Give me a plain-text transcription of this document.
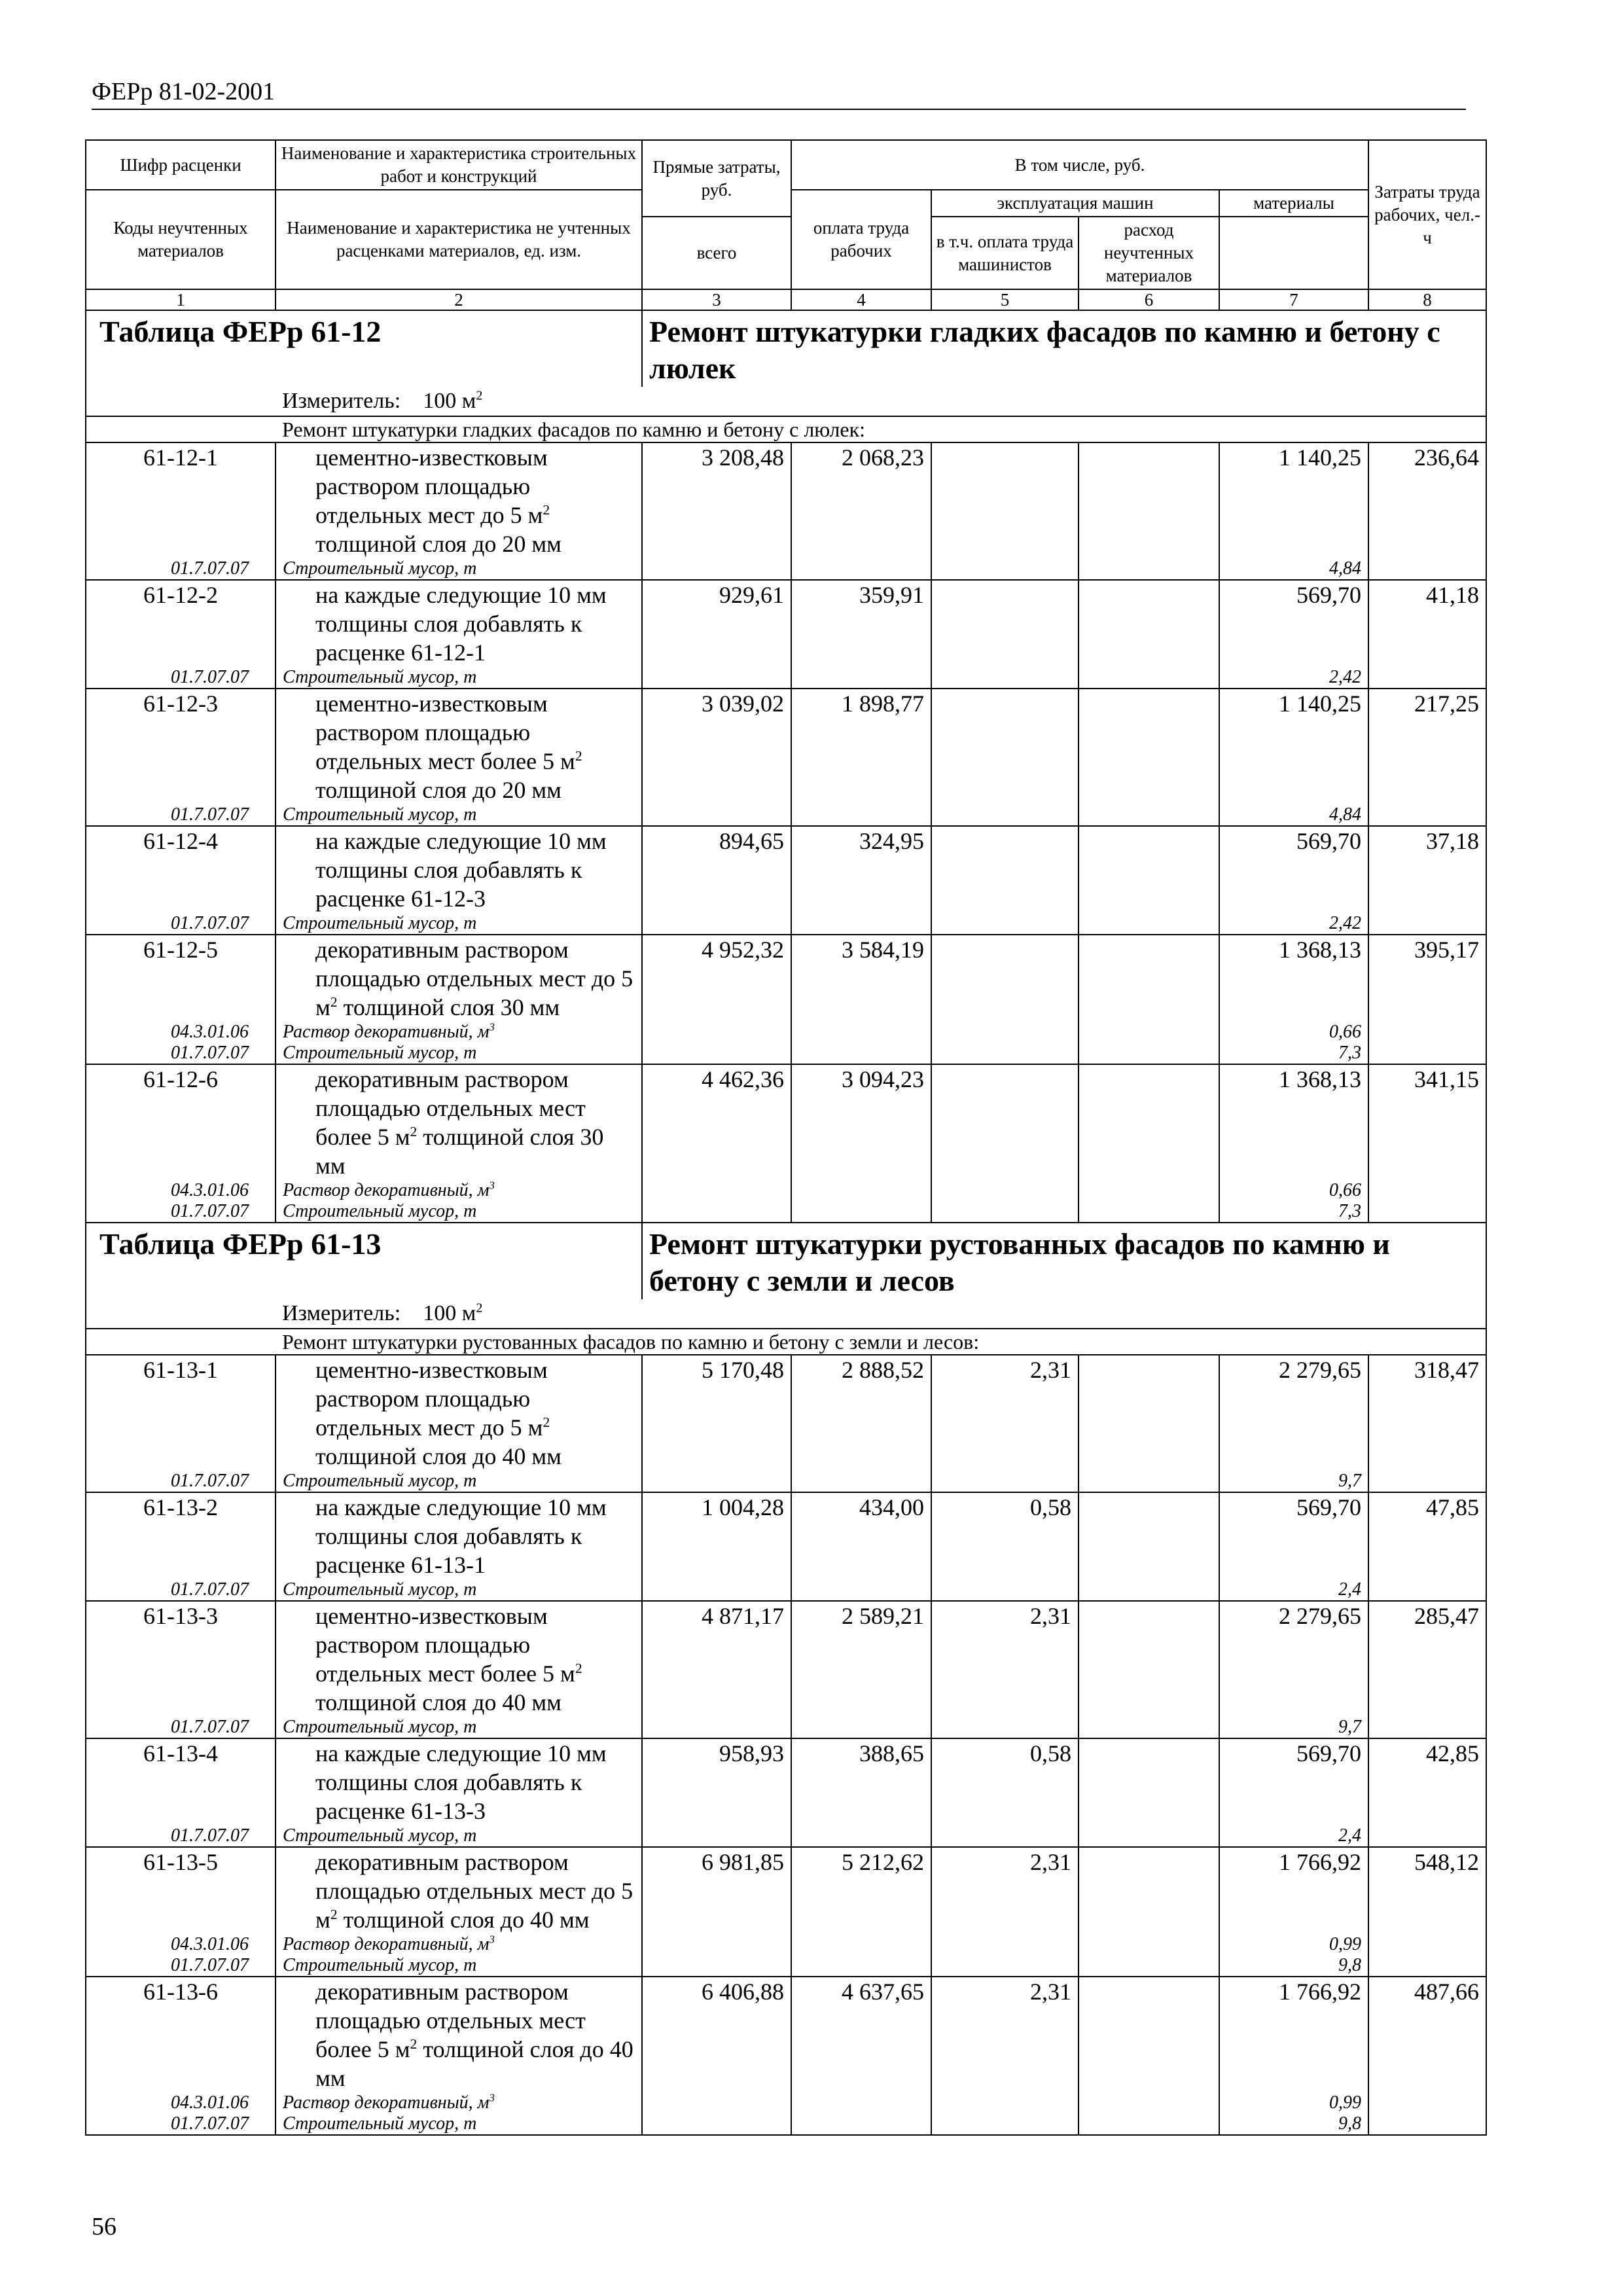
ФЕРр 81-02-2001
Шифр расценки	Наименование и характеристика строительных работ и конструкций	Прямые затраты, руб.	В том числе, руб.				Затраты труда рабочих, чел.-ч
Коды неучтенных материалов	Наименование и характеристика не учтенных расценками материалов, ед. изм.						
			оплата труда рабочих	эксплуатация машин		материалы	
		всего		в т.ч. оплата труда машинистов	расход неучтенных материалов		
1	2	3	4	5	6	7	8
Таблица ФЕРр 61-12		Ремонт штукатурки гладких фасадов по камню и бетону с люлек					
	Измеритель: 100 $м^2$
	Ремонт штукатурки гладких фасадов по камню и бетону с люлек:						
61-12-1	цементно-известковым раствором площадью отдельных мест до 5 $м^2$ толщиной слоя до 20 мм	3 208,48	2 068,23			1 140,25	236,64
01.7.07.07	Строительный мусор, т					4,84	
61-12-2	на каждые следующие 10 мм толщины слоя добавлять к расценке 61-12-1	929,61	359,91			569,70	41,18
01.7.07.07	Строительный мусор, т					2,42	
61-12-3	цементно-известковым раствором площадью отдельных мест более 5 $м^2$ толщиной слоя до 20 мм	3 039,02	1 898,77			1 140,25	217,25
01.7.07.07	Строительный мусор, т					4,84	
61-12-4	на каждые следующие 10 мм толщины слоя добавлять к расценке 61-12-3	894,65	324,95			569,70	37,18
01.7.07.07	Строительный мусор, т					2,42	
61-12-5	декоративным раствором площадью отдельных мест до 5 $м^2$ толщиной слоя 30 мм	4 952,32	3 584,19			1 368,13	395,17
04.3.01.06	Раствор декоративный, $м^3$					0,66	
01.7.07.07	Строительный мусор, т					7,3	
61-12-6	декоративным раствором площадью отдельных мест более 5 $м^2$ толщиной слоя 30 мм	4 462,36	3 094,23			1 368,13	341,15
04.3.01.06	Раствор декоративный, $м^3$					0,66	
01.7.07.07	Строительный мусор, т					7,3	
Таблица ФЕРр 61-13		Ремонт штукатурки рустованных фасадов по камню и бетону с земли и лесов					
	Измеритель: 100 $м^2$
	Ремонт штукатурки рустованных фасадов по камню и бетону с земли и лесов:						
61-13-1	цементно-известковым раствором площадью отдельных мест до 5 $м^2$ толщиной слоя до 40 мм	5 170,48	2 888,52	2,31		2 279,65	318,47
01.7.07.07	Строительный мусор, т					9,7	
61-13-2	на каждые следующие 10 мм толщины слоя добавлять к расценке 61-13-1	1 004,28	434,00	0,58		569,70	47,85
01.7.07.07	Строительный мусор, т					2,4	
61-13-3	цементно-известковым раствором площадью отдельных мест более 5 $м^2$ толщиной слоя до 40 мм	4 871,17	2 589,21	2,31		2 279,65	285,47
01.7.07.07	Строительный мусор, т					9,7	
61-13-4	на каждые следующие 10 мм толщины слоя добавлять к расценке 61-13-3	958,93	388,65	0,58		569,70	42,85
01.7.07.07	Строительный мусор, т					2,4	
61-13-5	декоративным раствором площадью отдельных мест до 5 $м^2$ толщиной слоя до 40 мм	6 981,85	5 212,62	2,31		1 766,92	548,12
04.3.01.06	Раствор декоративный, $м^3$					0,99	
01.7.07.07	Строительный мусор, т					9,8	
61-13-6	декоративным раствором площадью отдельных мест более 5 $м^2$ толщиной слоя до 40 мм	6 406,88	4 637,65	2,31		1 766,92	487,66
04.3.01.06	Раствор декоративный, $м^3$					0,99	
01.7.07.07	Строительный мусор, т					9,8	
56
